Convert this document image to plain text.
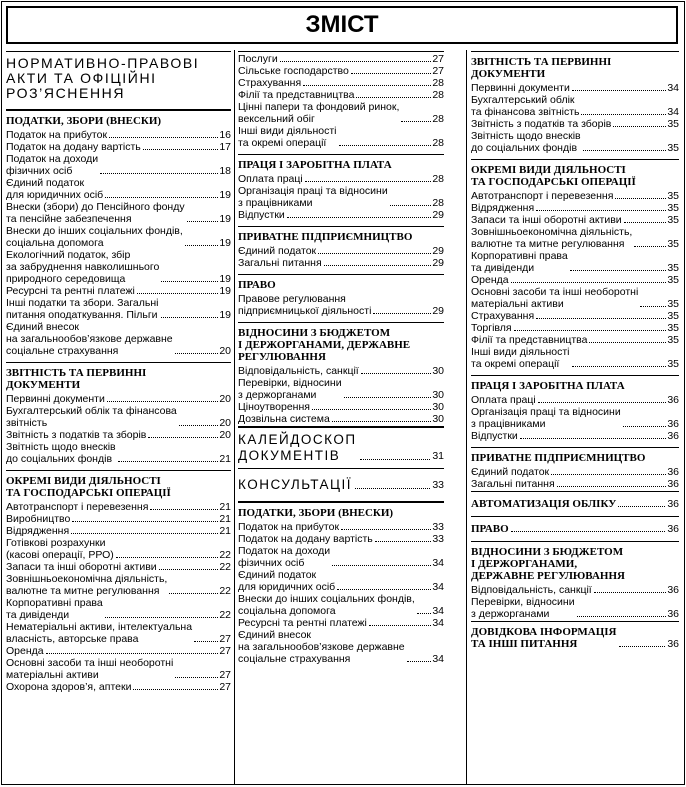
ЗМІСТ
НОРМАТИВНО-ПРАВОВІ
АКТИ ТА ОФІЦІЙНІ
РОЗ’ЯСНЕННЯ
ПОДАТКИ, ЗБОРИ (ВНЕСКИ)
Податок на прибуток	16
Податок на додану вартість	17
Податок на доходи
фізичних осіб	18
Єдиний податок
для юридичних осіб	19
Внески (збори) до Пенсійного фонду
та пенсійне забезпечення	19
Внески до інших соціальних фондів,
соціальна допомога	19
Екологічний податок, збір
за забруднення навколишнього
природного середовища	19
Ресурсні та рентні платежі	19
Інші податки та збори. Загальні
питання оподаткування. Пільги	19
Єдиний внесок
на загальнообов’язкове державне
соціальне страхування	20
ЗВІТНІСТЬ ТА ПЕРВИННІ
ДОКУМЕНТИ
Первинні документи	20
Бухгалтерський облік та фінансова
звітність	20
Звітність з податків та зборів	20
Звітність щодо внесків
до соціальних фондів	21
ОКРЕМІ ВИДИ ДІЯЛЬНОСТІ
ТА ГОСПОДАРСЬКІ ОПЕРАЦІЇ
Автотранспорт і перевезення	21
Виробництво	21
Відрядження	21
Готівкові розрахунки
(касові операції, РРО)	22
Запаси та інші оборотні активи	22
Зовнішньоекономічна діяльність,
валютне та митне регулювання	22
Корпоративні права
та дивіденди	22
Нематеріальні активи, інтелектуальна
власність, авторське права	27
Оренда	27
Основні засоби та інші необоротні
матеріальні активи	27
Охорона здоров’я, аптеки	27
Послуги	27
Сільське господарство	27
Страхування	28
Філії та представництва	28
Цінні папери та фондовий ринок,
вексельний обіг	28
Інші види діяльності
та окремі операції	28
ПРАЦЯ І ЗАРОБІТНА ПЛАТА
Оплата праці	28
Організація праці та відносини
з працівниками	28
Відпустки	29
ПРИВАТНЕ ПІДПРИЄМНИЦТВО
Єдиний податок	29
Загальні питання	29
ПРАВО
Правове регулювання
підприємницької діяльності	29
ВІДНОСИНИ З БЮДЖЕТОМ
І ДЕРЖОРГАНАМИ, ДЕРЖАВНЕ
РЕГУЛЮВАННЯ
Відповідальність, санкції	30
Перевірки, відносини
з держорганами	30
Ціноутворення	30
Дозвільна система	30
КАЛЕЙДОСКОП
ДОКУМЕНТІВ	31
КОНСУЛЬТАЦІЇ	33
ПОДАТКИ, ЗБОРИ (ВНЕСКИ)
Податок на прибуток	33
Податок на додану вартість	33
Податок на доходи
фізичних осіб	34
Єдиний податок
для юридичних осіб	34
Внески до інших соціальних фондів,
соціальна допомога	34
Ресурсні та рентні платежі	34
Єдиний внесок
на загальнообов’язкове державне
соціальне страхування	34
ЗВІТНІСТЬ ТА ПЕРВИННІ
ДОКУМЕНТИ
Первинні документи	34
Бухгалтерський облік
та фінансова звітність	34
Звітність з податків та зборів	35
Звітність щодо внесків
до соціальних фондів	35
ОКРЕМІ ВИДИ ДІЯЛЬНОСТІ
ТА ГОСПОДАРСЬКІ ОПЕРАЦІЇ
Автотранспорт і перевезення	35
Відрядження	35
Запаси та інші оборотні активи	35
Зовнішньоекономічна діяльність,
валютне та митне регулювання	35
Корпоративні права
та дивіденди	35
Оренда	35
Основні засоби та інші необоротні
матеріальні активи	35
Страхування	35
Торгівля	35
Філії та представництва	35
Інші види діяльності
та окремі операції	35
ПРАЦЯ І ЗАРОБІТНА ПЛАТА
Оплата праці	36
Організація праці та відносини
з працівниками	36
Відпустки	36
ПРИВАТНЕ ПІДПРИЄМНИЦТВО
Єдиний податок	36
Загальні питання	36
АВТОМАТИЗАЦІЯ ОБЛІКУ	36
ПРАВО	36
ВІДНОСИНИ З БЮДЖЕТОМ
І ДЕРЖОРГАНАМИ,
ДЕРЖАВНЕ РЕГУЛЮВАННЯ
Відповідальність, санкції	36
Перевірки, відносини
з держорганами	36
ДОВІДКОВА ІНФОРМАЦІЯ
ТА ІНШІ ПИТАННЯ	36
